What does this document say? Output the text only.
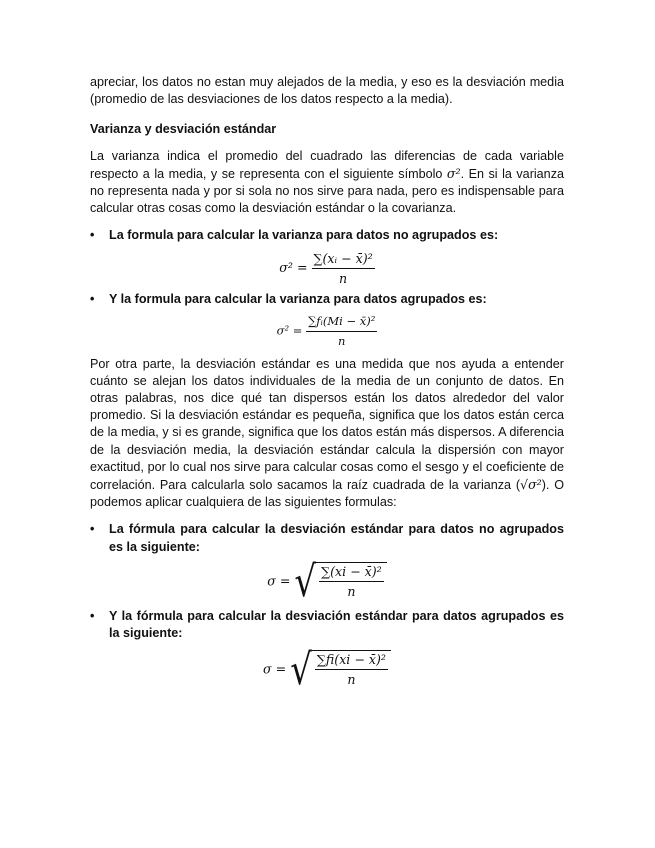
apreciar, los datos no estan muy alejados de la media, y eso es la desviación media (promedio de las desviaciones de los datos respecto a la media).

Varianza y desviación estándar

La varianza indica el promedio del cuadrado las diferencias de cada variable respecto a la media, y se representa con el siguiente símbolo σ². En si la varianza no representa nada y por si sola no nos sirve para nada, pero es indispensable para calcular otras cosas como la desviación estándar o la covarianza.

•	La formula para calcular la varianza para datos no agrupados es:
$\sigma^2 = \frac{\text{∑(xᵢ − x̄)²}}{n}$
•	Y la formula para calcular la varianza para datos agrupados es:
$\sigma^2 = \frac{\text{∑fᵢ(Mi − x̄)²}}{n}$

Por otra parte, la desviación estándar es una medida que nos ayuda a entender cuánto se alejan los datos individuales de la media de un conjunto de datos. En otras palabras, nos dice qué tan dispersos están los datos alrededor del valor promedio. Si la desviación estándar es pequeña, significa que los datos están cerca de la media, y si es grande, significa que los datos están más dispersos. A diferencia de la desviación media, la desviación estándar calcula la dispersión con mayor exactitud, por lo cual nos sirve para calcular cosas como el sesgo y el coeficiente de correlación. Para calcularla solo sacamos la raíz cuadrada de la varianza (√σ²). O podemos aplicar cualquiera de las siguientes formulas:

•	La fórmula para calcular la desviación estándar para datos no agrupados es la siguiente:
σ = √ $\frac{\text{∑(xi − x̄)²}}{n}$
•	Y la fórmula para calcular la desviación estándar para datos agrupados es la siguiente:
σ = √ $\frac{\text{∑fi(xi − x̄)²}}{n}$
